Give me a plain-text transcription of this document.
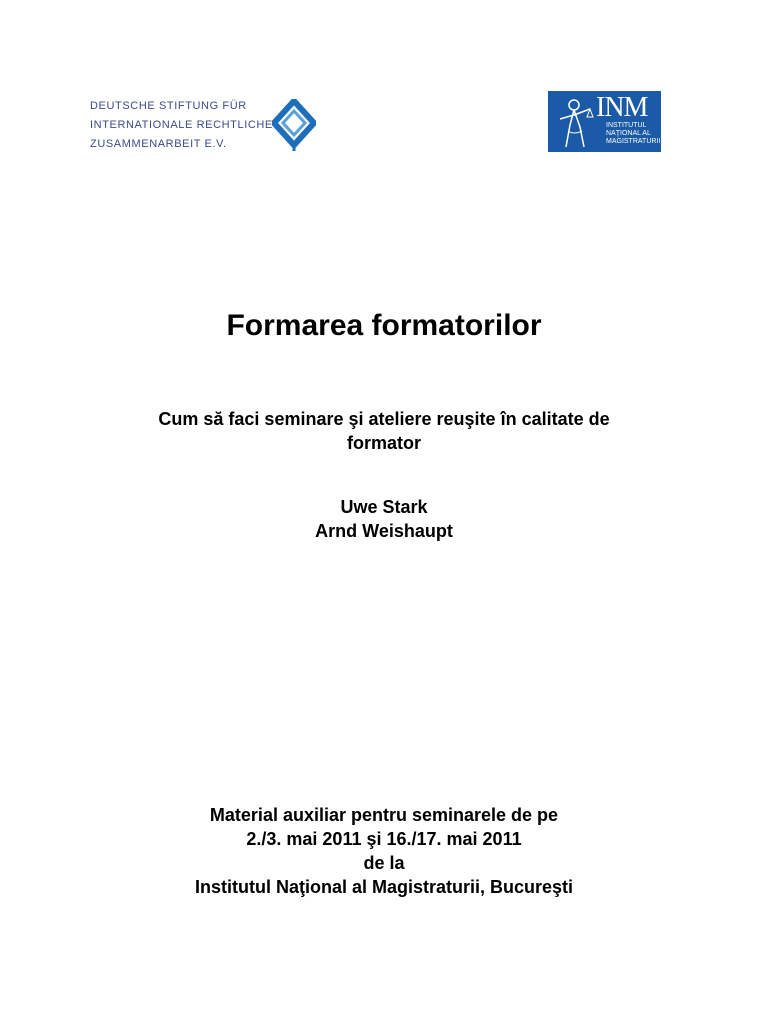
DEUTSCHE STIFTUNG FÜR
INTERNATIONALE RECHTLICHE
ZUSAMMENARBEIT E.V.
INM
INSTITUTUL
NAŢIONAL AL
MAGISTRATURII
Formarea formatorilor
Cum să faci seminare şi ateliere reuşite în calitate de
formator
Uwe Stark
Arnd Weishaupt
Material auxiliar pentru seminarele de pe
2./3. mai 2011 şi 16./17. mai 2011
de la
Institutul Naţional al Magistraturii, Bucureşti
